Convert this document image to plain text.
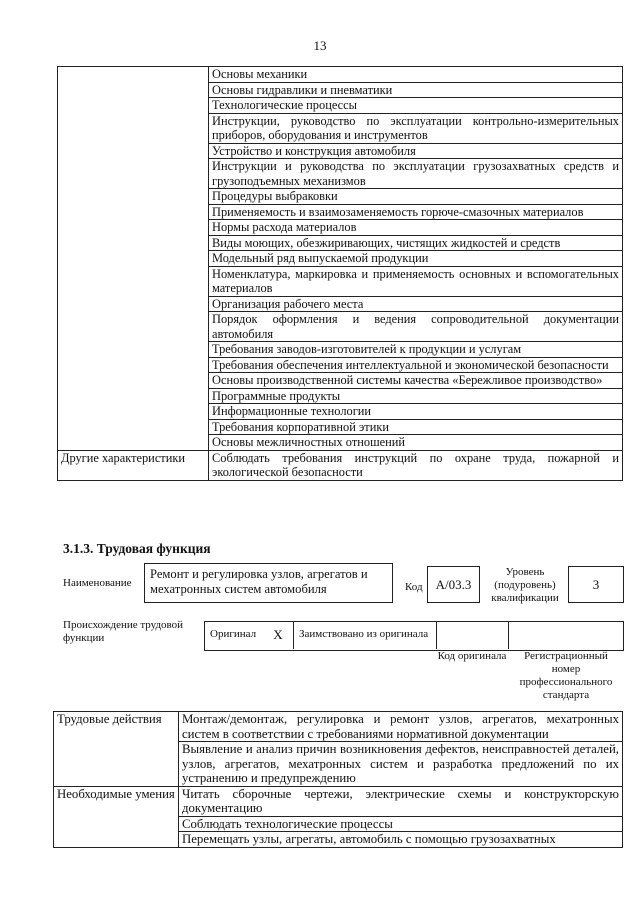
13
	Основы механики
	Основы гидравлики и пневматики
	Технологические процессы
	Инструкции, руководство по эксплуатации контрольно-измерительных приборов, оборудования и инструментов
	Устройство и конструкция автомобиля
	Инструкции и руководства по эксплуатации грузозахватных средств и грузоподъемных механизмов
	Процедуры выбраковки
	Применяемость и взаимозаменяемость горюче-смазочных материалов
	Нормы расхода материалов
	Виды моющих, обезжиривающих, чистящих жидкостей и средств
	Модельный ряд выпускаемой продукции
	Номенклатура, маркировка и применяемость основных и вспомогательных материалов
	Организация рабочего места
	Порядок оформления и ведения сопроводительной документации автомобиля
	Требования заводов-изготовителей к продукции и услугам
	Требования обеспечения интеллектуальной и экономической безопасности
	Основы производственной системы качества «Бережливое производство»
	Программные продукты
	Информационные технологии
	Требования корпоративной этики
	Основы межличностных отношений
Другие характеристики	Соблюдать требования инструкций по охране труда, пожарной и экологической безопасности
3.1.3. Трудовая функция
Наименование
Ремонт и регулировка узлов, агрегатов и мехатронных систем автомобиля	Код	А/03.3
Уровень (подуровень) квалификации
3
Происхождение трудовой функции	Оригинал	X	Заимствовано из оригинала
Код оригинала	Регистрационный номер профессионального стандарта
Трудовые действия	Монтаж/демонтаж, регулировка и ремонт узлов, агрегатов, мехатронных систем в соответствии с требованиями нормативной документации
	Выявление и анализ причин возникновения дефектов, неисправностей деталей, узлов, агрегатов, мехатронных систем и разработка предложений по их устранению и предупреждению
Необходимые умения	Читать сборочные чертежи, электрические схемы и конструкторскую документацию
	Соблюдать технологические процессы
	Перемещать узлы, агрегаты, автомобиль с помощью грузозахватных
